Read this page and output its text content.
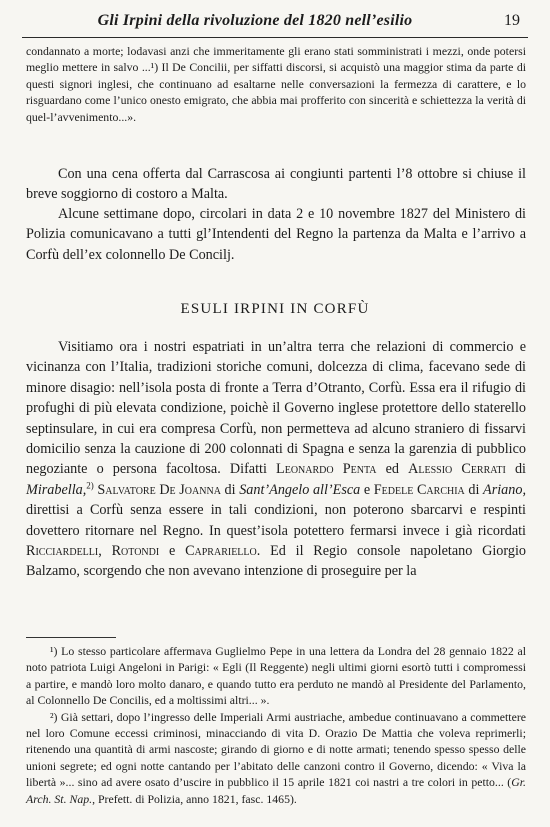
Gli Irpini della rivoluzione del 1820 nell’esilio	19

condannato a morte; lodavasi anzi che immeritamente gli erano stati somministrati i mezzi, onde potersi meglio mettere in salvo ...¹) Il De Concilii, per siffatti discorsi, si acquistò una maggior stima da parte di questi signori inglesi, che continuano ad esaltarne nelle conversazioni la fermezza di carattere, e lo risguardano come l’unico onesto emigrato, che abbia mai profferito con sincerità e schiettezza la verità di quel-l’avvenimento...».

Con una cena offerta dal Carrascosa ai congiunti partenti l’8 ottobre si chiuse il breve soggiorno di costoro a Malta.

Alcune settimane dopo, circolari in data 2 e 10 novembre 1827 del Ministero di Polizia comunicavano a tutti gl’Intendenti del Regno la partenza da Malta e l’arrivo a Corfù dell’ex colonnello De Concilj.

ESULI IRPINI IN CORFÙ

Visitiamo ora i nostri espatriati in un’altra terra che relazioni di commercio e vicinanza con l’Italia, tradizioni storiche comuni, dolcezza di clima, facevano sede di minore disagio: nell’isola posta di fronte a Terra d’Otranto, Corfù. Essa era il rifugio di profughi di più elevata condizione, poichè il Governo inglese protettore dello staterello septinsulare, in cui era compresa Corfù, non permetteva ad alcuno straniero di fissarvi domicilio senza la cauzione di 200 colonnati di Spagna e senza la garenzia di pubblico negoziante o persona facoltosa. Difatti Leonardo Penta ed Alessio Cerrati di Mirabella,$^{2)}$ Salvatore De Joanna di Sant’Angelo all’Esca e Fedele Carchia di Ariano, direttisi a Corfù senza essere in tali condizioni, non poterono sbarcarvi e respinti dovettero ritornare nel Regno. In quest’isola potettero fermarsi invece i già ricordati Ricciardelli, Rotondi e Caprariello. Ed il Regio console napoletano Giorgio Balzamo, scorgendo che non avevano intenzione di proseguire per la

¹) Lo stesso particolare affermava Guglielmo Pepe in una lettera da Londra del 28 gennaio 1822 al noto patriota Luigi Angeloni in Parigi: « Egli (Il Reggente) negli ultimi giorni esortò tutti i compromessi a partire, e mandò loro molto danaro, e quando tutto era perduto ne mandò al Presidente del Parlamento, al Colonnello De Concilis, ed a moltissimi altri... ».

²) Già settari, dopo l’ingresso delle Imperiali Armi austriache, ambedue continuavano a commettere nel loro Comune eccessi criminosi, minacciando di vita D. Orazio De Mattia che voleva reprimerli; ritenendo una quantità di armi nascoste; girando di giorno e di notte armati; tenendo spesso spesso delle unioni segrete; ed ogni notte cantando per l’abitato delle canzoni contro il Governo, dicendo: « Viva la libertà »... sino ad avere osato d’uscire in pubblico il 15 aprile 1821 coi nastri a tre colori in petto... (Gr. Arch. St. Nap., Prefett. di Polizia, anno 1821, fasc. 1465).
